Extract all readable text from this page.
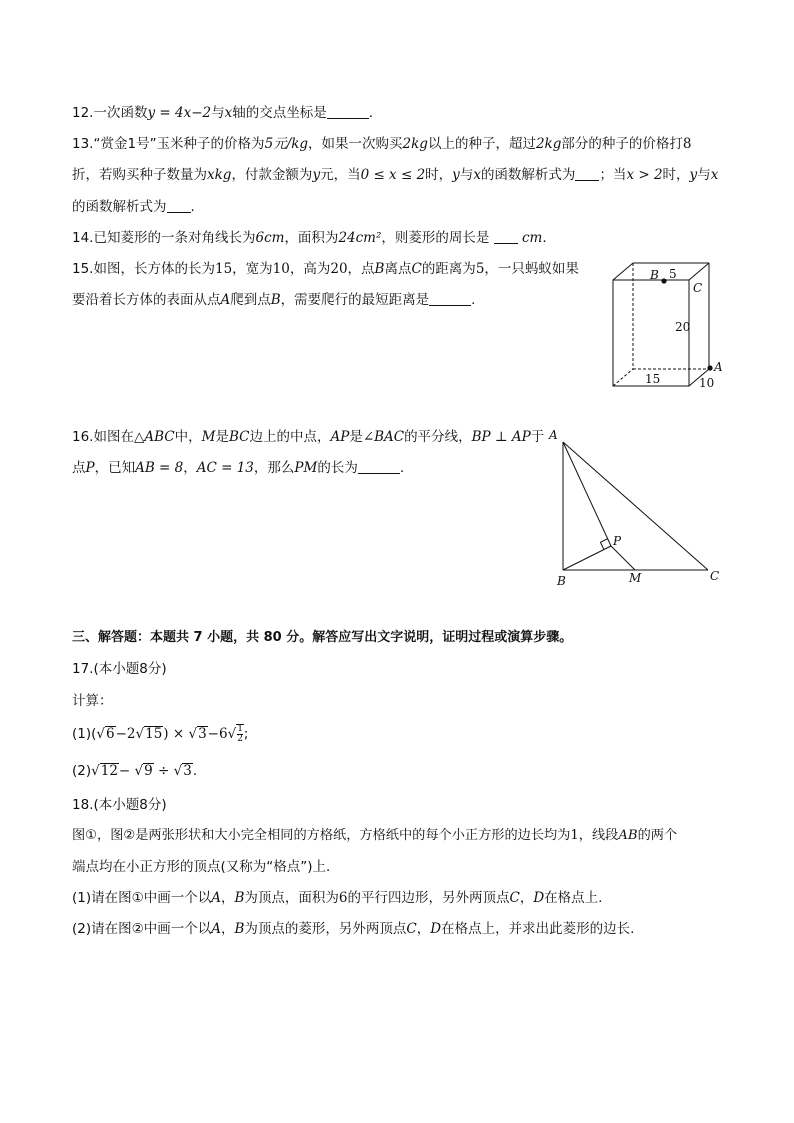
12.一次函数y = 4x−2与x轴的交点坐标是	.
13.“赏金1号”玉米种子的价格为5元/kg，如果一次购买2kg以上的种子，超过2kg部分的种子的价格打8
折，若购买种子数量为xkg，付款金额为y元，当0 ≤ x ≤ 2时，y与x的函数解析式为 ；当x > 2时，y与x
的函数解析式为 .
14.已知菱形的一条对角线长为6cm，面积为24cm²，则菱形的周长是  cm.
15.如图，长方体的长为15，宽为10，高为20，点B离点C的距离为5，一只蚂蚁如果
要沿着长方体的表面从点A爬到点B，需要爬行的最短距离是	.
B 5
C
20
A
15	10
16.如图在△ABC中，M是BC边上的中点，AP是∠BAC的平分线，BP ⊥ AP于
点P，已知AB = 8，AC = 13，那么PM的长为	.
A
P
B	M	C
三、解答题：本题共 7 小题，共 80 分。解答应写出文字说明，证明过程或演算步骤。
17.(本小题8分)
计算：
$(1)(√6-2√15) \times √3-6√ \frac{1}{2}$ ;
(2)√12− √9 ÷ √3.
18.(本小题8分)
图①，图②是两张形状和大小完全相同的方格纸，方格纸中的每个小正方形的边长均为1，线段AB的两个
端点均在小正方形的顶点(又称为“格点”)上.
(1)请在图①中画一个以A，B为顶点，面积为6的平行四边形，另外两顶点C，D在格点上.
(2)请在图②中画一个以A，B为顶点的菱形，另外两顶点C，D在格点上，并求出此菱形的边长.
